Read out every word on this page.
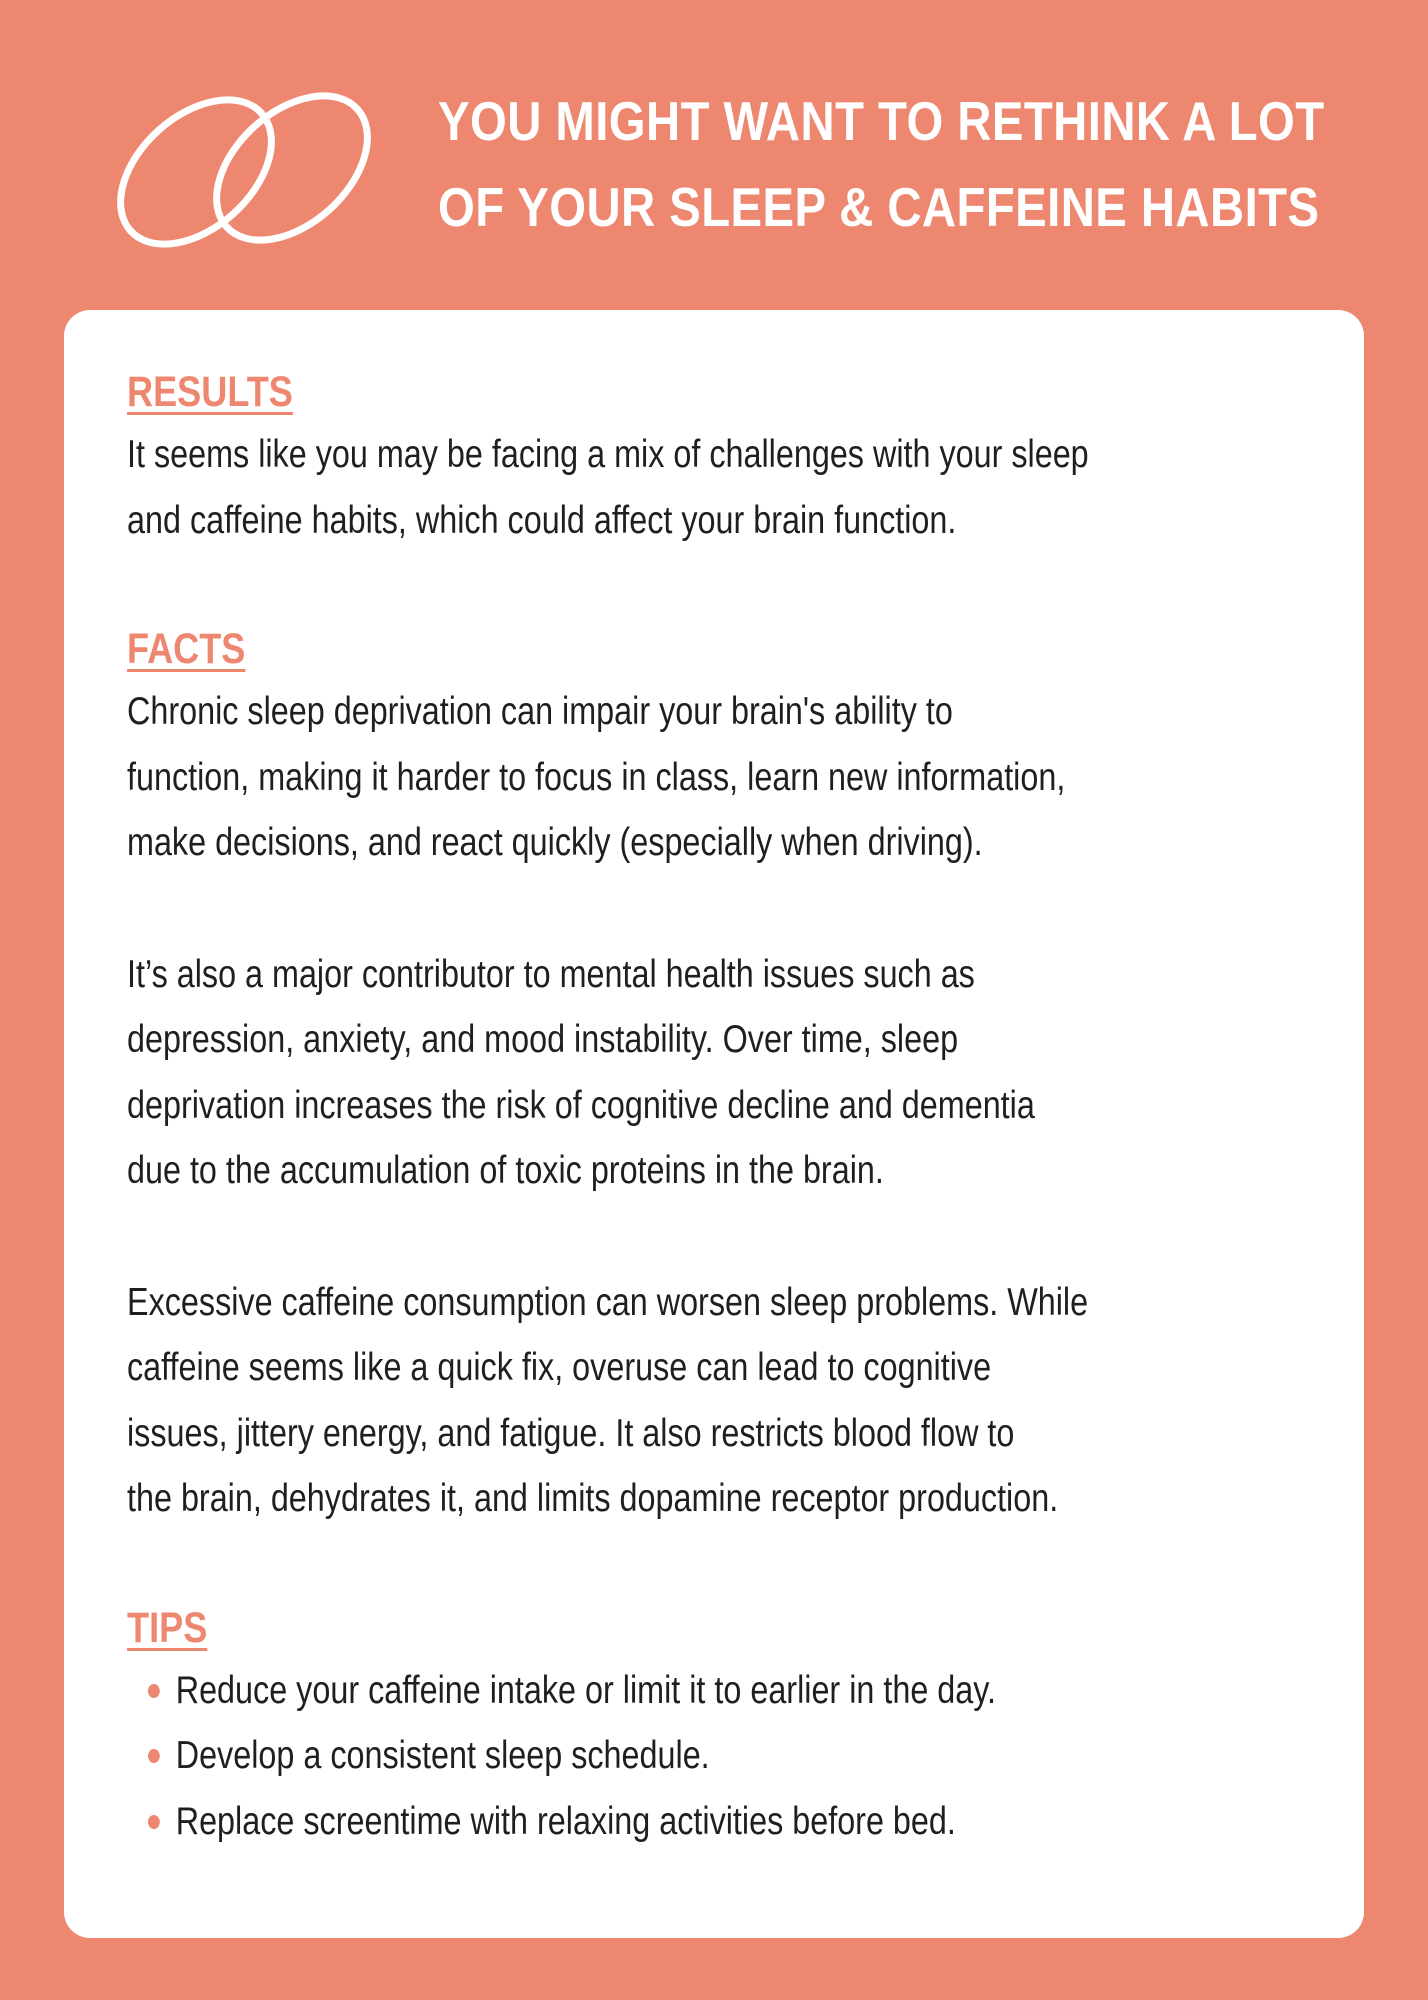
YOU MIGHT WANT TO RETHINK A LOT
OF YOUR SLEEP & CAFFEINE HABITS
RESULTS

It seems like you may be facing a mix of challenges with your sleep
and caffeine habits, which could affect your brain function.

FACTS

Chronic sleep deprivation can impair your brain's ability to
function, making it harder to focus in class, learn new information,
make decisions, and react quickly (especially when driving).

It’s also a major contributor to mental health issues such as
depression, anxiety, and mood instability. Over time, sleep
deprivation increases the risk of cognitive decline and dementia
due to the accumulation of toxic proteins in the brain.

Excessive caffeine consumption can worsen sleep problems. While
caffeine seems like a quick fix, overuse can lead to cognitive
issues, jittery energy, and fatigue. It also restricts blood flow to
the brain, dehydrates it, and limits dopamine receptor production.

TIPS
Reduce your caffeine intake or limit it to earlier in the day.
Develop a consistent sleep schedule.
Replace screentime with relaxing activities before bed.
